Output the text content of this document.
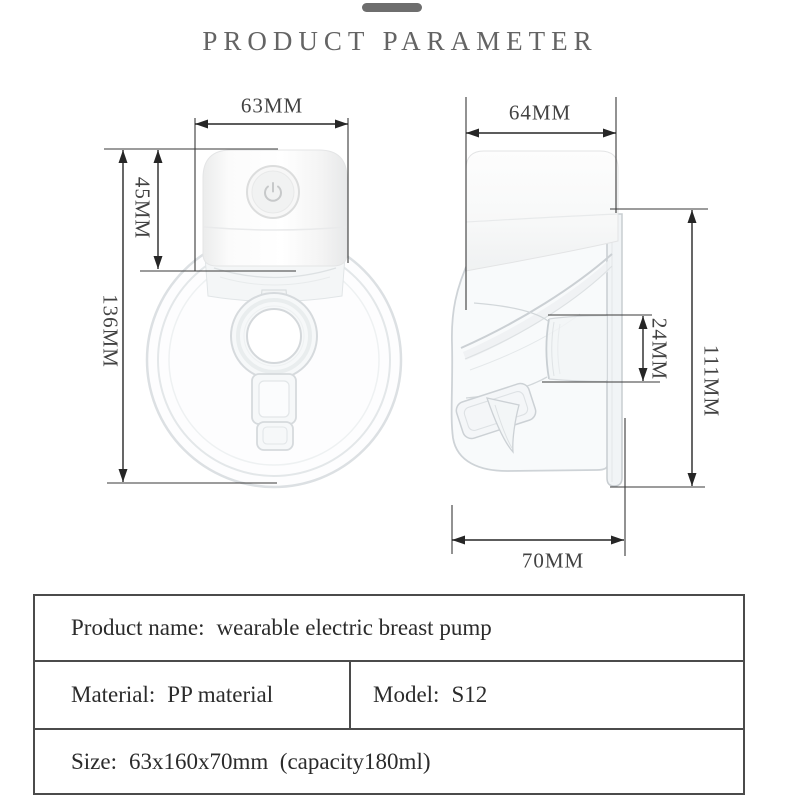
PRODUCT PARAMETER
63MM
45MM
136MM
64MM
24MM 111MM
70MM
Product name: wearable electric breast pump
Material: PP material	Model: S12
Size: 63x160x70mm  (capacity180ml)
